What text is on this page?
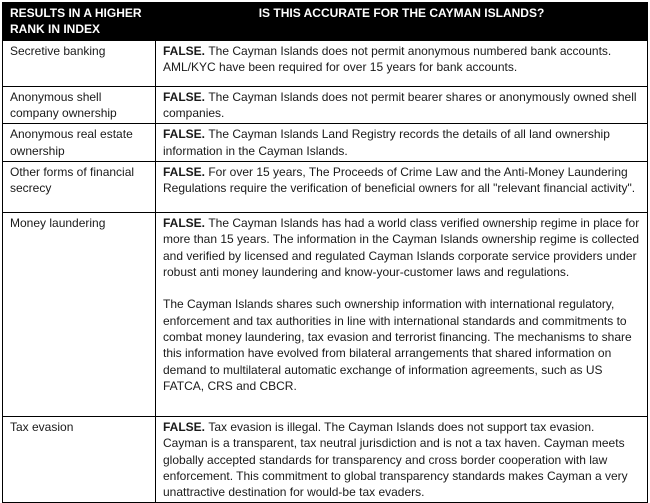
RESULTS IN A HIGHER RANK IN INDEX	IS THIS ACCURATE FOR THE CAYMAN ISLANDS?
Secretive banking	FALSE. The Cayman Islands does not permit anonymous numbered bank accounts. AML/KYC have been required for over 15 years for bank accounts.

Anonymous shell company ownership	FALSE. The Cayman Islands does not permit bearer shares or anonymously owned shell companies.

Anonymous real estate ownership	FALSE. The Cayman Islands Land Registry records the details of all land ownership information in the Cayman Islands.

Other forms of financial secrecy	FALSE. For over 15 years, The Proceeds of Crime Law and the Anti-Money Laundering Regulations require the verification of beneficial owners for all "relevant financial activity".

Money laundering	FALSE. The Cayman Islands has had a world class verified ownership regime in place for more than 15 years. The information in the Cayman Islands ownership regime is collected and verified by licensed and regulated Cayman Islands corporate service providers under robust anti money laundering and know-your-customer laws and regulations.

The Cayman Islands shares such ownership information with international regulatory, enforcement and tax authorities in line with international standards and commitments to combat money laundering, tax evasion and terrorist financing. The mechanisms to share this information have evolved from bilateral arrangements that shared information on demand to multilateral automatic exchange of information agreements, such as US FATCA, CRS and CBCR.

Tax evasion	FALSE. Tax evasion is illegal. The Cayman Islands does not support tax evasion. Cayman is a transparent, tax neutral jurisdiction and is not a tax haven. Cayman meets globally accepted standards for transparency and cross border cooperation with law enforcement. This commitment to global transparency standards makes Cayman a very unattractive destination for would-be tax evaders.
